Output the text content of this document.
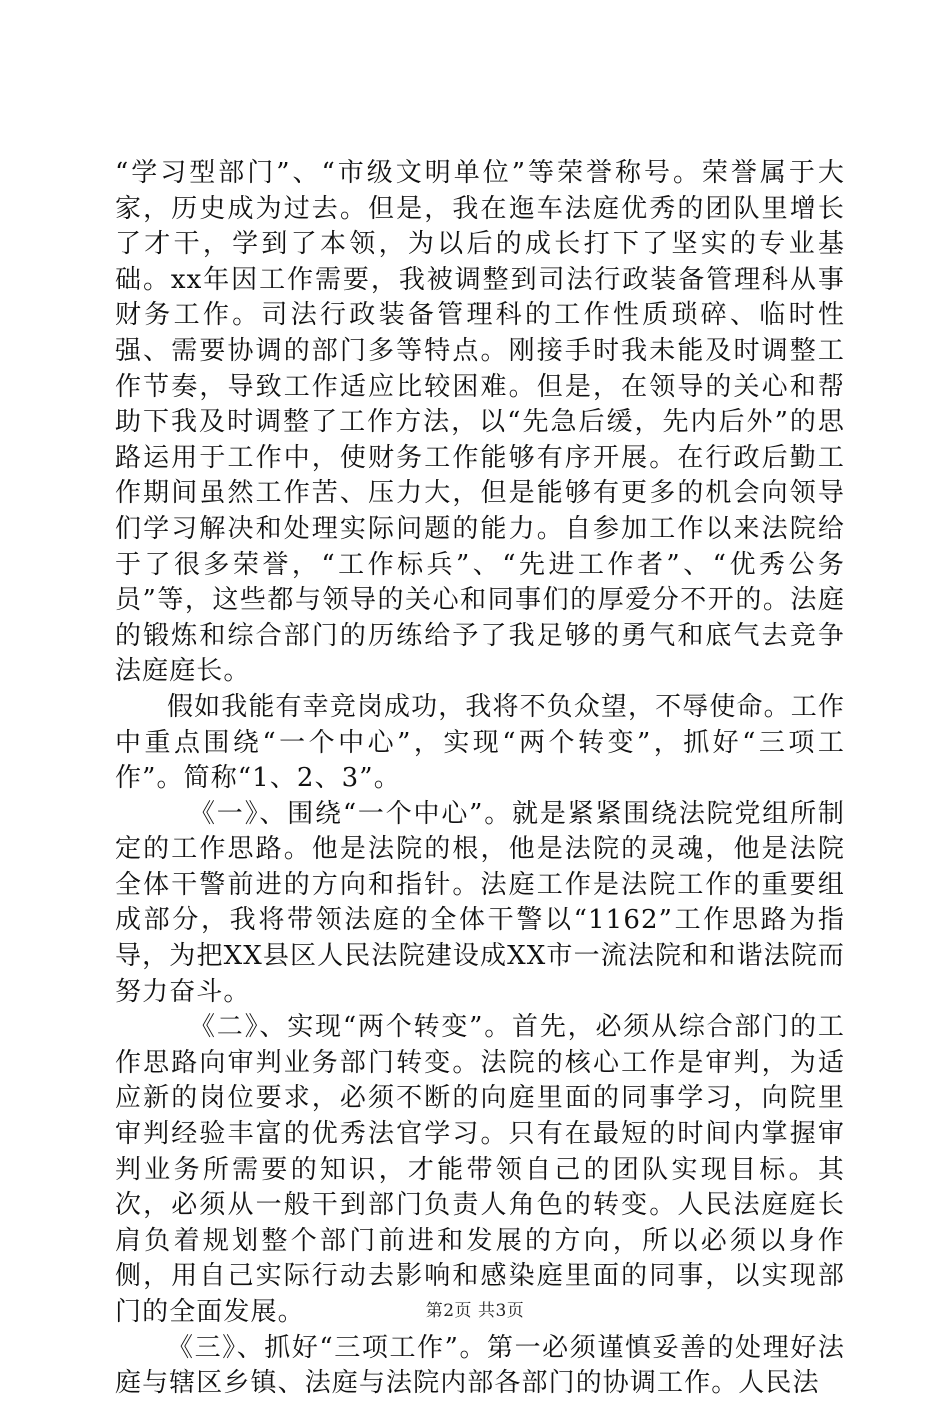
“学习型部门”、“市级文明单位”等荣誉称号。荣誉属于大家，历史成为过去。但是，我在迤车法庭优秀的团队里增长了才干，学到了本领，为以后的成长打下了坚实的专业基础。xx年因工作需要，我被调整到司法行政装备管理科从事财务工作。司法行政装备管理科的工作性质琐碎、临时性强、需要协调的部门多等特点。刚接手时我未能及时调整工作节奏，导致工作适应比较困难。但是，在领导的关心和帮助下我及时调整了工作方法，以“先急后缓，先内后外”的思路运用于工作中，使财务工作能够有序开展。在行政后勤工作期间虽然工作苦、压力大，但是能够有更多的机会向领导们学习解决和处理实际问题的能力。自参加工作以来法院给于了很多荣誉，“工作标兵”、“先进工作者”、“优秀公务员”等，这些都与领导的关心和同事们的厚爱分不开的。法庭的锻炼和综合部门的历练给予了我足够的勇气和底气去竞争法庭庭长。

假如我能有幸竞岗成功，我将不负众望，不辱使命。工作中重点围绕“一个中心”，实现“两个转变”，抓好“三项工作”。简称“1、2、3”。

《一》、围绕“一个中心”。就是紧紧围绕法院党组所制定的工作思路。他是法院的根，他是法院的灵魂，他是法院全体干警前进的方向和指针。法庭工作是法院工作的重要组成部分，我将带领法庭的全体干警以“1162”工作思路为指导，为把XX县区人民法院建设成XX市一流法院和和谐法院而努力奋斗。

《二》、实现“两个转变”。首先，必须从综合部门的工作思路向审判业务部门转变。法院的核心工作是审判，为适应新的岗位要求，必须不断的向庭里面的同事学习，向院里审判经验丰富的优秀法官学习。只有在最短的时间内掌握审判业务所需要的知识，才能带领自己的团队实现目标。其次，必须从一般干到部门负责人角色的转变。人民法庭庭长肩负着规划整个部门前进和发展的方向，所以必须以身作侧，用自己实际行动去影响和感染庭里面的同事，以实现部门的全面发展。

《三》、抓好“三项工作”。第一必须谨慎妥善的处理好法庭与辖区乡镇、法庭与法院内部各部门的协调工作。人民法

第2页 共3页
